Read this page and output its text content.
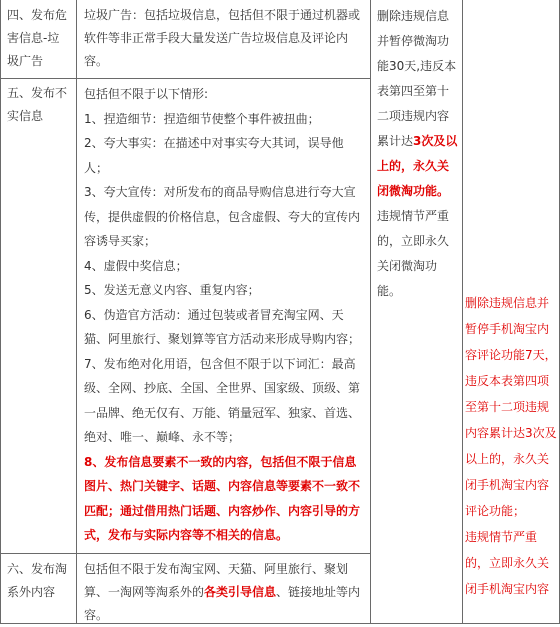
四、发布危

害信息-垃

圾广告

垃圾广告：包括垃圾信息，包括但不限于通过机器或

软件等非正常手段大量发送广告垃圾信息及评论内

容。

五、发布不

实信息

包括但不限于以下情形:

1、捏造细节：捏造细节使整个事件被扭曲；

2、夸大事实：在描述中对事实夸大其词，误导他

人；

3、夸大宣传：对所发布的商品导购信息进行夸大宣

传，提供虚假的价格信息，包含虚假、夸大的宣传内

容诱导买家；

4、虚假中奖信息；

5、发送无意义内容、重复内容；

6、伪造官方活动：通过包装或者冒充淘宝网、天

猫、阿里旅行、聚划算等官方活动来形成导购内容；

7、发布绝对化用语，包含但不限于以下词汇：最高

级、全网、抄底、全国、全世界、国家级、顶级、第

一品牌、绝无仅有、万能、销量冠军、独家、首选、

绝对、唯一、巅峰、永不等；

8、发布信息要素不一致的内容，包括但不限于信息

图片、热门关键字、话题、内容信息等要素不一致不

匹配；通过借用热门话题、内容炒作、内容引导的方

式，发布与实际内容等不相关的信息。

六、发布淘

系外内容

包括但不限于发布淘宝网、天猫、阿里旅行、聚划

算、一淘网等淘系外的各类引导信息、链接地址等内

容。

删除违规信息

并暂停微淘功

能30天,违反本

表第四至第十

二项违规内容

累计达3次及以

上的，永久关

闭微淘功能。

违规情节严重

的，立即永久

关闭微淘功

能。

删除违规信息并

暂停手机淘宝内

容评论功能7天，

违反本表第四项

至第十二项违规

内容累计达3次及

以上的，永久关

闭手机淘宝内容

评论功能；

违规情节严重

的，立即永久关

闭手机淘宝内容
